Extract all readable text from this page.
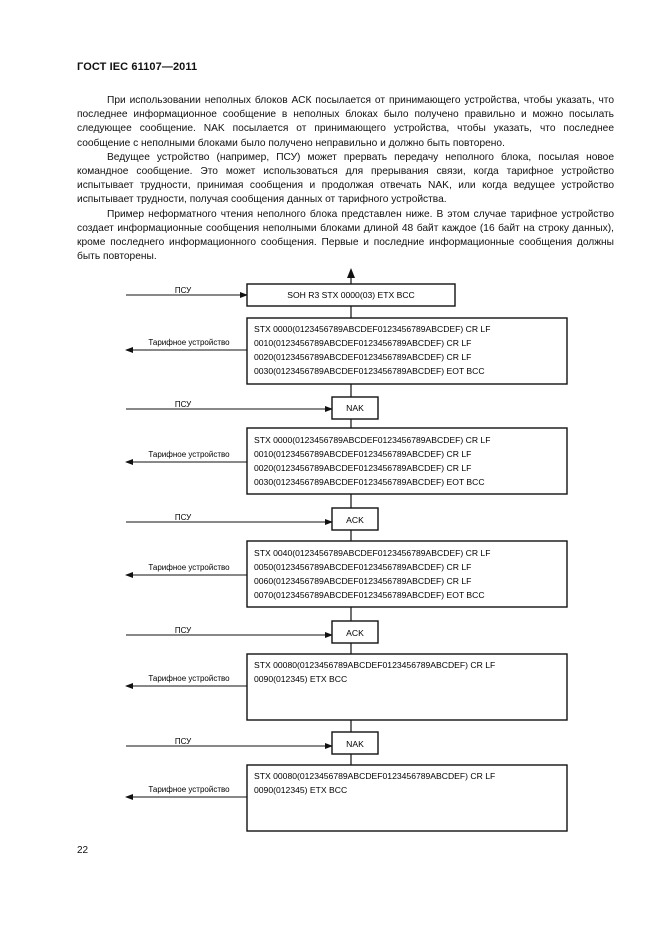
ГОСТ IEC 61107—2011

При использовании неполных блоков АСК посылается от принимающего устройства, чтобы указать, что последнее информационное сообщение в неполных блоках было получено правильно и можно посылать следующее сообщение. NAK посылается от принимающего устройства, чтобы указать, что последнее сообщение с неполными блоками было получено неправильно и должно быть повторено.

Ведущее устройство (например, ПСУ) может прервать передачу неполного блока, посылая новое командное сообщение. Это может использоваться для прерывания связи, когда тарифное устройство испытывает трудности, принимая сообщения и продолжая отвечать NAK, или когда ведущее устройство испытывает трудности, получая сообщения данных от тарифного устройства.

Пример неформатного чтения неполного блока представлен ниже. В этом случае тарифное устройство создает информационные сообщения неполными блоками длиной 48 байт каждое (16 байт на строку данных), кроме последнего информационного сообщения. Первые и последние информационные сообщения должны быть повторены.

ПСУ	SOH R3 STX 0000(03) ETX BCC
Тарифное устройство
STX 0000(0123456789ABCDEF0123456789ABCDEF) CR LF
0010(0123456789ABCDEF0123456789ABCDEF) CR LF
0020(0123456789ABCDEF0123456789ABCDEF) CR LF
0030(0123456789ABCDEF0123456789ABCDEF) EOT BCC
ПСУ	NAK
Тарифное устройство
STX 0000(0123456789ABCDEF0123456789ABCDEF) CR LF
0010(0123456789ABCDEF0123456789ABCDEF) CR LF
0020(0123456789ABCDEF0123456789ABCDEF) CR LF
0030(0123456789ABCDEF0123456789ABCDEF) EOT BCC
ПСУ	ACK
Тарифное устройство
STX 0040(0123456789ABCDEF0123456789ABCDEF) CR LF
0050(0123456789ABCDEF0123456789ABCDEF) CR LF
0060(0123456789ABCDEF0123456789ABCDEF) CR LF
0070(0123456789ABCDEF0123456789ABCDEF) EOT BCC
ПСУ	ACK
Тарифное устройство
STX 00080(0123456789ABCDEF0123456789ABCDEF) CR LF
0090(012345) ETX BCC
ПСУ	NAK
Тарифное устройство
STX 00080(0123456789ABCDEF0123456789ABCDEF) CR LF
0090(012345) ETX BCC
22
